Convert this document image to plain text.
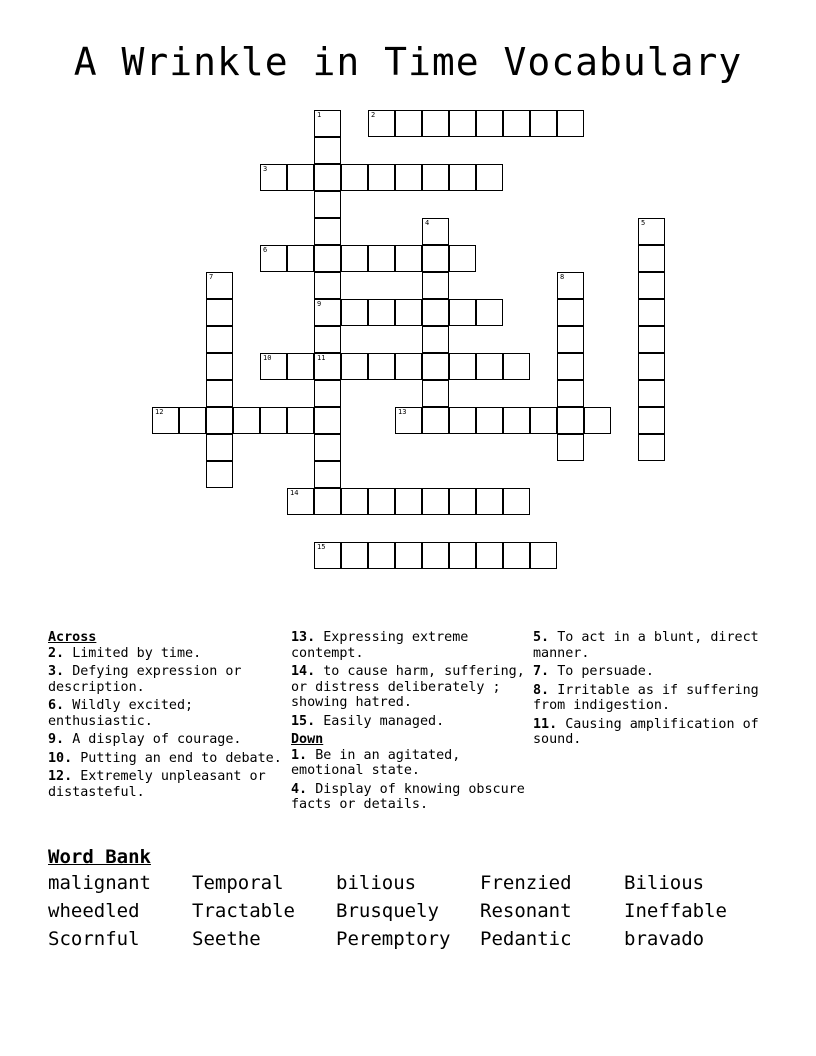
A Wrinkle in Time Vocabulary
1
9
11
2
3
4	5
6
7	8
10
12	13
14
15
Across
2. Limited by time.
3. Defying expression or description.
6. Wildly excited; enthusiastic.
9. A display of courage.
10. Putting an end to debate.
12. Extremely unpleasant or distasteful.
13. Expressing extreme contempt.
14. to cause harm, suffering, or distress deliberately ; showing hatred.
15. Easily managed.
Down
1. Be in an agitated, emotional state.
4. Display of knowing obscure facts or details.
5. To act in a blunt, direct manner.
7. To persuade.
8. Irritable as if suffering from indigestion.
11. Causing amplification of sound.
Word Bank
malignant	Temporal	bilious	Frenzied	Bilious
wheedled	Tractable	Brusquely	Resonant	Ineffable
Scornful	Seethe	Peremptory	Pedantic	bravado
